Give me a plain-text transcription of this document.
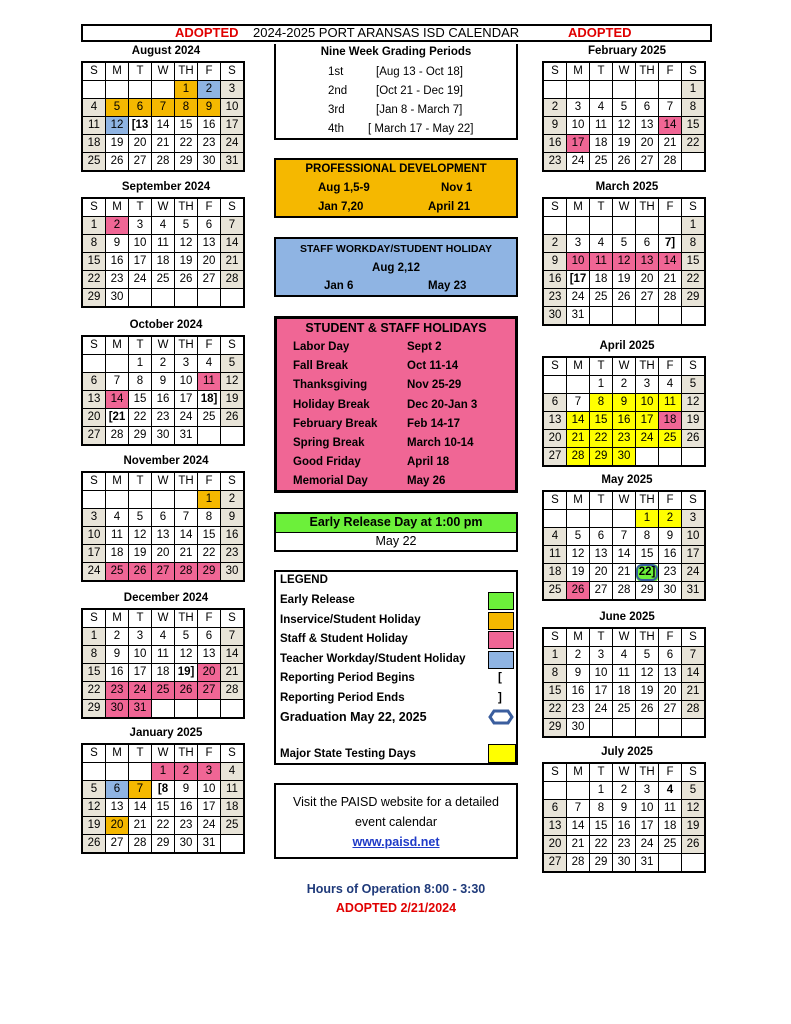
ADOPTED 2024-2025 PORT ARANSAS ISD CALENDAR	ADOPTED
August 2024
S	M	T	W	TH	F	S
				1	2	3
4	5	6	7	8	9	10
11	12	[13	14	15	16	17
18	19	20	21	22	23	24
25	26	27	28	29	30	31
September 2024
S	M	T	W	TH	F	S
1	2	3	4	5	6	7
8	9	10	11	12	13	14
15	16	17	18	19	20	21
22	23	24	25	26	27	28
29	30					
October 2024
S	M	T	W	TH	F	S
		1	2	3	4	5
6	7	8	9	10	11	12
13	14	15	16	17	18]	19
20	[21	22	23	24	25	26
27	28	29	30	31		
November 2024
S	M	T	W	TH	F	S
					1	2
3	4	5	6	7	8	9
10	11	12	13	14	15	16
17	18	19	20	21	22	23
24	25	26	27	28	29	30
December 2024
S	M	T	W	TH	F	S
1	2	3	4	5	6	7
8	9	10	11	12	13	14
15	16	17	18	19]	20	21
22	23	24	25	26	27	28
29	30	31				
January 2025
S	M	T	W	TH	F	S
			1	2	3	4
5	6	7	[8	9	10	11
12	13	14	15	16	17	18
19	20	21	22	23	24	25
26	27	28	29	30	31	
February 2025
S	M	T	W	TH	F	S
						1
2	3	4	5	6	7	8
9	10	11	12	13	14	15
16	17	18	19	20	21	22
23	24	25	26	27	28	
March 2025
S	M	T	W	TH	F	S
						1
2	3	4	5	6	7]	8
9	10	11	12	13	14	15
16	[17	18	19	20	21	22
23	24	25	26	27	28	29
30	31					
April 2025
S	M	T	W	TH	F	S
		1	2	3	4	5
6	7	8	9	10	11	12
13	14	15	16	17	18	19
20	21	22	23	24	25	26
27	28	29	30			
May 2025
S	M	T	W	TH	F	S
				1	2	3
4	5	6	7	8	9	10
11	12	13	14	15	16	17
18	19	20	21	22]	23	24
25	26	27	28	29	30	31
June 2025
S	M	T	W	TH	F	S
1	2	3	4	5	6	7
8	9	10	11	12	13	14
15	16	17	18	19	20	21
22	23	24	25	26	27	28
29	30					
July 2025
S	M	T	W	TH	F	S
		1	2	3	4	5
6	7	8	9	10	11	12
13	14	15	16	17	18	19
20	21	22	23	24	25	26
27	28	29	30	31		
Nine Week Grading Periods
1st	[Aug 13 - Oct 18]
2nd	[Oct 21 - Dec 19]
3rd	[Jan 8 - March 7]
4th [ March 17 - May 22]
PROFESSIONAL DEVELOPMENT
Aug 1,5-9	Nov 1
Jan 7,20	April 21
STAFF WORKDAY/STUDENT HOLIDAY
Aug 2,12
Jan 6	May 23
STUDENT & STAFF HOLIDAYS
Labor Day	Sept 2
Fall Break	Oct 11-14
Thanksgiving	Nov 25-29
Holiday Break	Dec 20-Jan 3
February Break	Feb 14-17
Spring Break	March 10-14
Good Friday	April 18
Memorial Day	May 26
Early Release Day at 1:00 pm
May 22
LEGEND
Early Release
Inservice/Student Holiday
Staff & Student Holiday
Teacher Workday/Student Holiday
Reporting Period Begins	[
Reporting Period Ends	]
Graduation May 22, 2025
Major State Testing Days
Visit the PAISD website for a detailed
event calendar
www.paisd.net
Hours of Operation 8:00 - 3:30
ADOPTED 2/21/2024
